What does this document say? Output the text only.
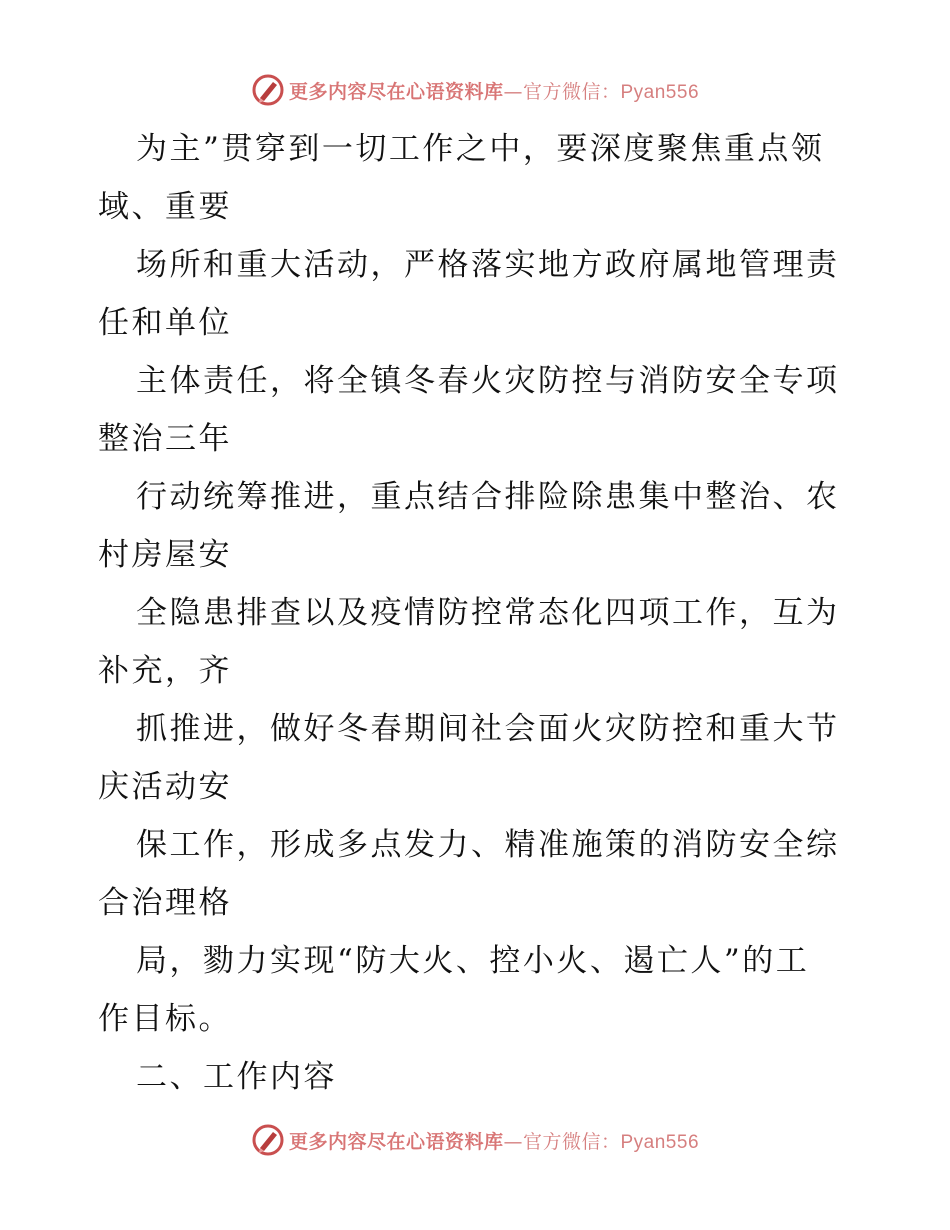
更多内容尽在心语资料库—官方微信：Pyan556

为主”贯穿到一切工作之中，要深度聚焦重点领
域、重要

场所和重大活动，严格落实地方政府属地管理责
任和单位

主体责任，将全镇冬春火灾防控与消防安全专项
整治三年

行动统筹推进，重点结合排险除患集中整治、农
村房屋安

全隐患排查以及疫情防控常态化四项工作，互为
补充，齐

抓推进，做好冬春期间社会面火灾防控和重大节
庆活动安

保工作，形成多点发力、精准施策的消防安全综
合治理格

局，勠力实现“防大火、控小火、遏亡人”的工
作目标。

二、工作内容

更多内容尽在心语资料库—官方微信：Pyan556
